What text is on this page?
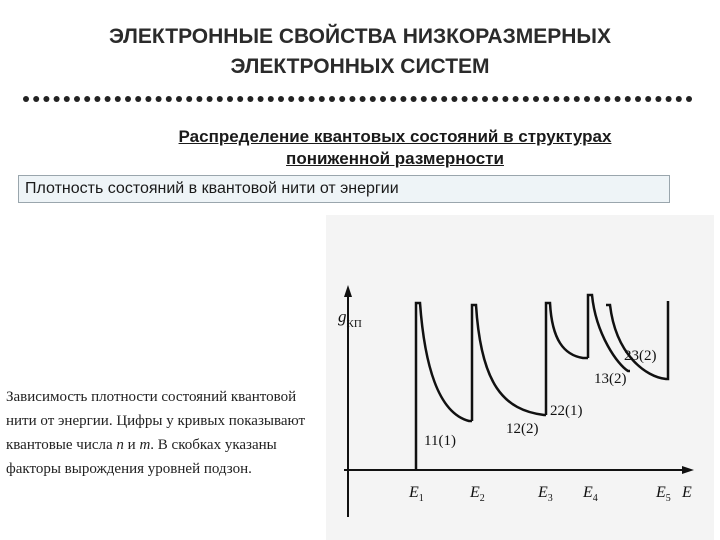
ЭЛЕКТРОННЫЕ СВОЙСТВА НИЗКОРАЗМЕРНЫХ
ЭЛЕКТРОННЫХ СИСТЕМ
Распределение квантовых состояний в структурах
пониженной размерности
Плотность состояний в квантовой нити от энергии
Зависимость плотности состояний квантовой нити от энергии. Цифры у кривых показывают квантовые числа n и m. В скобках указаны факторы вырождения уровней подзон.
$g_{КП}$
11(1)
12(2)
22(1)
13(2)
23(2)
$E_1$	$E_2$	$E_3$ $E_4$	$E_5$ E
